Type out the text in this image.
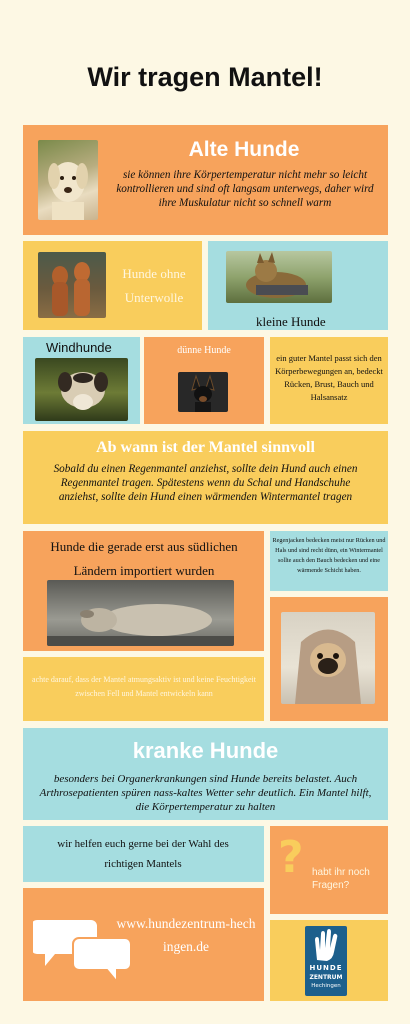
Wir tragen Mantel!
Alte Hunde
sie können ihre Körpertemperatur nicht mehr so leicht kontrollieren und sind oft langsam unterwegs, daher wird ihre Muskulatur nicht so schnell warm
Hunde ohne Unterwolle
kleine Hunde
Windhunde	dünne Hunde
ein guter Mantel passt sich den Körperbewegungen an, bedeckt Rücken, Brust, Bauch und Halsansatz
Ab wann ist der Mantel sinnvoll
Sobald du einen Regenmantel anziehst, sollte dein Hund auch einen Regenmantel tragen. Spätestens wenn du Schal und Handschuhe anziehst, sollte dein Hund einen wärmenden Wintermantel tragen
Hunde die gerade erst aus südlichen Ländern importiert wurden
Regenjacken bedecken meist nur Rücken und Hals und sind recht dünn, ein Wintermantel sollte auch den Bauch bedecken und eine wärmende Schicht haben.
achte darauf, dass der Mantel atmungsaktiv ist und keine Feuchtigkeit zwischen Fell und Mantel entwickeln kann
kranke Hunde
besonders bei Organerkrankungen sind Hunde bereits belastet. Auch Arthrosepatienten spüren nass-kaltes Wetter sehr deutlich. Ein Mantel hilft, die Körpertemperatur zu halten
wir helfen euch gerne bei der Wahl des richtigen Mantels	? habt ihr noch Fragen?
www.hundezentrum-hechingen.de
HUNDE
ZENTRUM
Hechingen
